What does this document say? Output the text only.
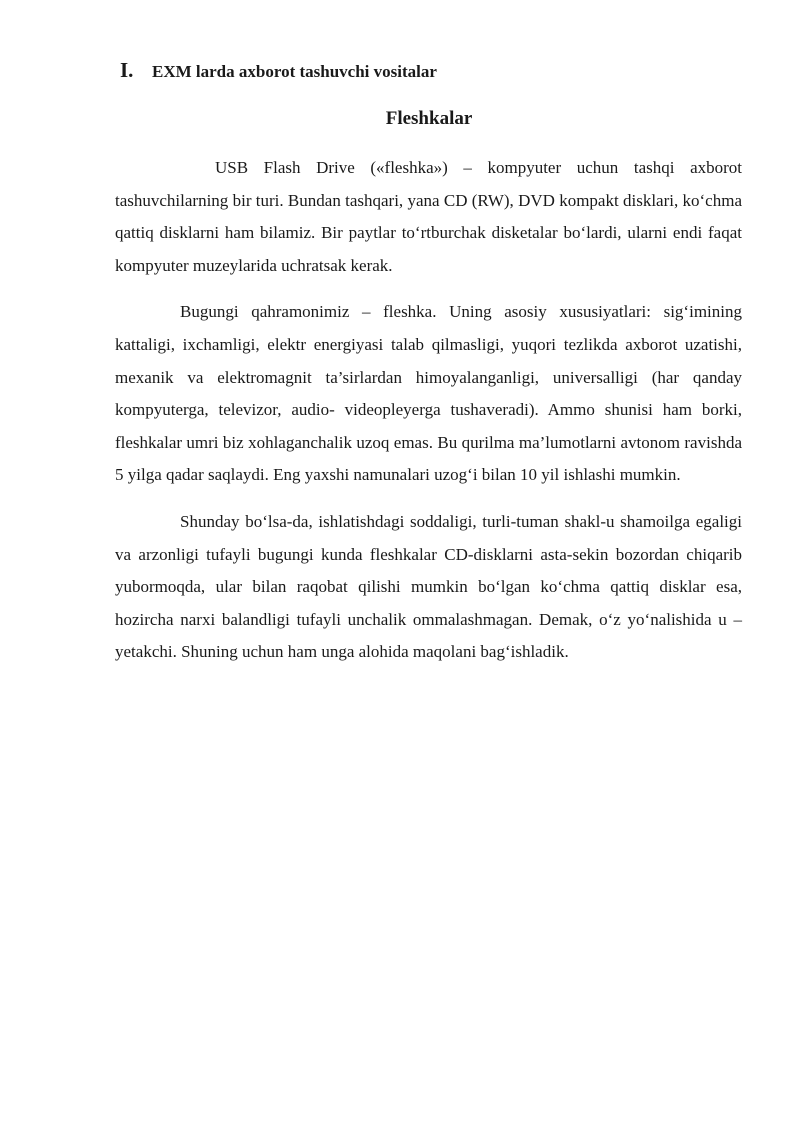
I. EXM larda axborot tashuvchi vositalar
Fleshkalar

USB Flash Drive («fleshka») – kompyuter uchun tashqi axborot tashuvchilarning bir turi. Bundan tashqari, yana CD (RW), DVD kompakt disklari, ko‘chma qattiq disklarni ham bilamiz. Bir paytlar to‘rtburchak disketalar bo‘lardi, ularni endi faqat kompyuter muzeylarida uchratsak kerak.

Bugungi qahramonimiz – fleshka. Uning asosiy xususiyatlari: sig‘imining kattaligi, ixchamligi, elektr energiyasi talab qilmasligi, yuqori tezlikda axborot uzatishi, mexanik va elektromagnit ta’sirlardan himoyalanganligi, universalligi (har qanday kompyuterga, televizor, audio- videopleyerga tushaveradi). Ammo shunisi ham borki, fleshkalar umri biz xohlaganchalik uzoq emas. Bu qurilma ma’lumotlarni avtonom ravishda 5 yilga qadar saqlaydi. Eng yaxshi namunalari uzog‘i bilan 10 yil ishlashi mumkin.

Shunday bo‘lsa-da, ishlatishdagi soddaligi, turli-tuman shakl-u shamoilga egaligi va arzonligi tufayli bugungi kunda fleshkalar CD-disklarni asta-sekin bozordan chiqarib yubormoqda, ular bilan raqobat qilishi mumkin bo‘lgan ko‘chma qattiq disklar esa, hozircha narxi balandligi tufayli unchalik ommalashmagan. Demak, o‘z yo‘nalishida u – yetakchi. Shuning uchun ham unga alohida maqolani bag‘ishladik.
